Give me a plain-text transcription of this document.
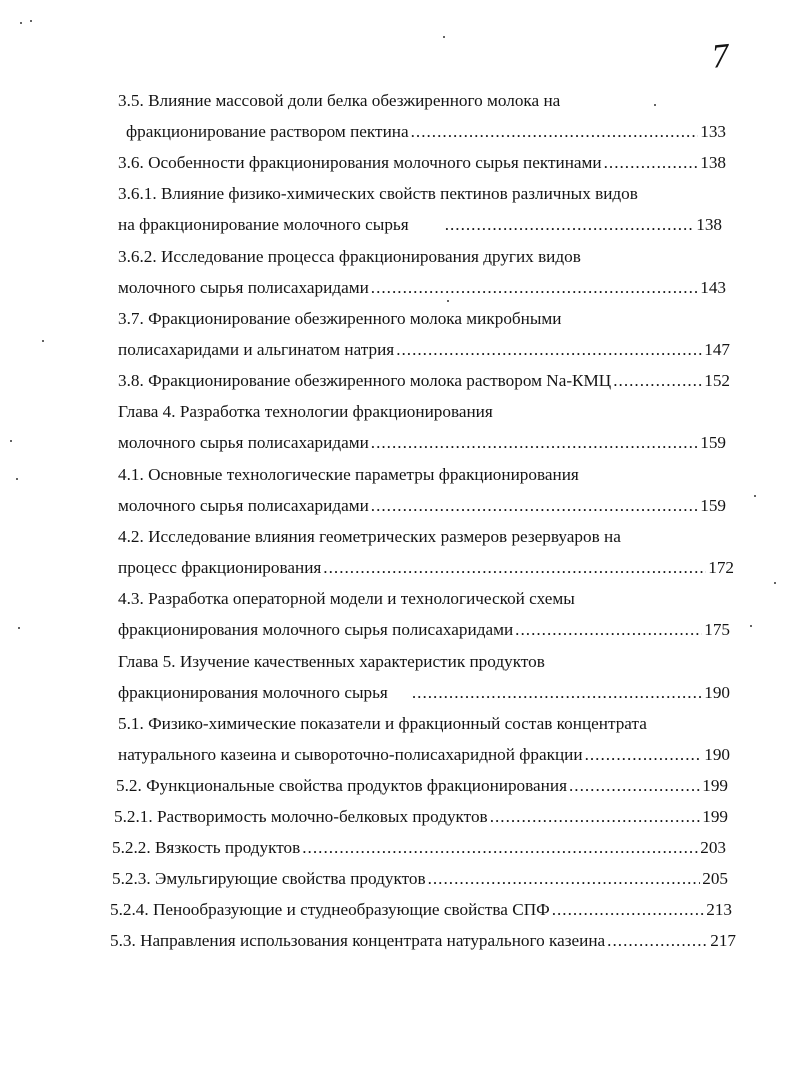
7
3.5. Влияние массовой доли белка обезжиренного молока на
фракционирование раствором пектина .....	133
3.6. Особенности фракционирования молочного сырья пектинами .....	138
3.6.1. Влияние физико-химических свойств пектинов различных видов
на фракционирование молочного сырья .....	138
3.6.2. Исследование процесса фракционирования других видов
молочного сырья полисахаридами .....	143
3.7. Фракционирование обезжиренного молока микробными
полисахаридами и альгинатом натрия .....	147
3.8. Фракционирование обезжиренного молока раствором Na-КМЦ .....	152
Глава 4. Разработка технологии фракционирования
молочного сырья полисахаридами .....	159
4.1. Основные технологические параметры фракционирования
молочного сырья полисахаридами .....	159
4.2. Исследование влияния геометрических размеров резервуаров на
процесс фракционирования .....	172
4.3. Разработка операторной модели и технологической схемы
фракционирования молочного сырья полисахаридами .....	175
Глава 5. Изучение качественных характеристик продуктов
фракционирования молочного сырья .....	190
5.1. Физико-химические показатели и фракционный состав концентрата
натурального казеина и сывороточно-полисахаридной фракции .....	190
5.2. Функциональные свойства продуктов фракционирования .....	199
5.2.1. Растворимость молочно-белковых продуктов .....	199
5.2.2. Вязкость продуктов .....	203
5.2.3. Эмульгирующие свойства продуктов .....	205
5.2.4. Пенообразующие и студнеобразующие свойства СПФ .....	213
5.3. Направления использования концентрата натурального казеина .....	217
